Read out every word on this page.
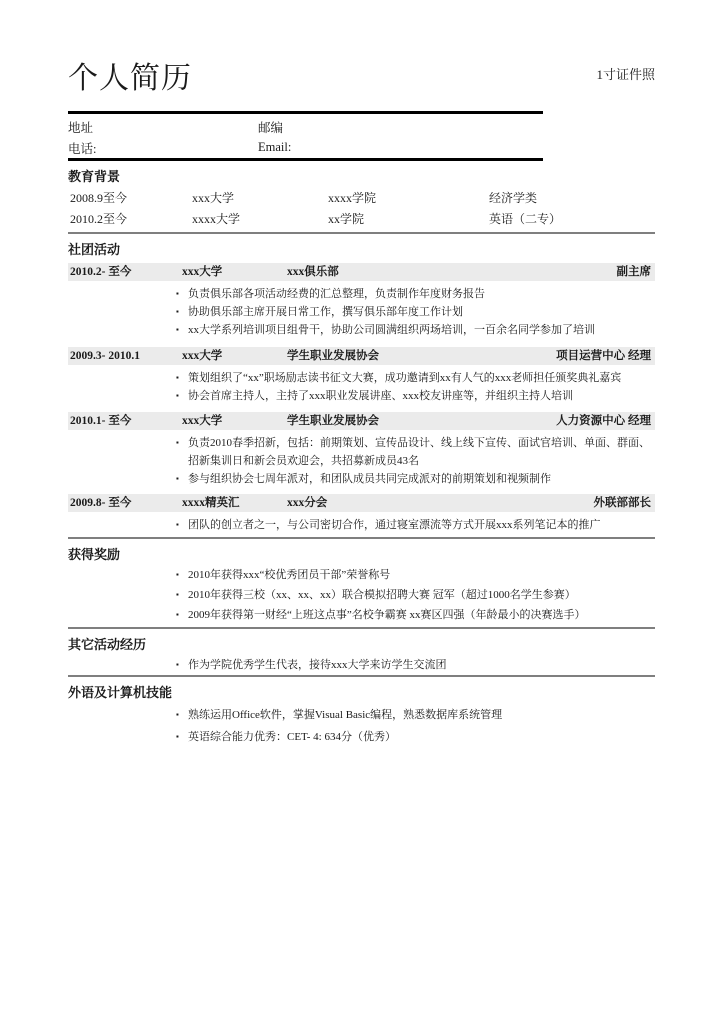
个人简历	1寸证件照
地址	邮编
电话:	Email:
教育背景
2008.9至今	xxx大学	xxxx学院	经济学类
2010.2至今	xxxx大学	xx学院	英语（二专）
社团活动
2010.2- 至今	xxx大学	xxx俱乐部	副主席
▪ 负责俱乐部各项活动经费的汇总整理，负责制作年度财务报告
▪ 协助俱乐部主席开展日常工作，撰写俱乐部年度工作计划
▪ xx大学系列培训项目组骨干，协助公司圆满组织两场培训，一百余名同学参加了培训
2009.3- 2010.1	xxx大学	学生职业发展协会	项目运营中心 经理
▪ 策划组织了“xx”职场励志读书征文大赛，成功邀请到xx有人气的xxx老师担任颁奖典礼嘉宾
▪ 协会首席主持人，主持了xxx职业发展讲座、xxx校友讲座等，并组织主持人培训
2010.1- 至今	xxx大学	学生职业发展协会	人力资源中心 经理
▪ 负责2010春季招新，包括：前期策划、宣传品设计、线上线下宣传、面试官培训、单面、群面、招新集训日和新会员欢迎会，共招募新成员43名
▪ 参与组织协会七周年派对，和团队成员共同完成派对的前期策划和视频制作
2009.8- 至今	xxxx精英汇	xxx分会	外联部部长
▪ 团队的创立者之一，与公司密切合作，通过寝室漂流等方式开展xxx系列笔记本的推广
获得奖励
▪ 2010年获得xxx“校优秀团员干部”荣誉称号
▪ 2010年获得三校（xx、xx、xx）联合模拟招聘大赛 冠军（超过1000名学生参赛）
▪ 2009年获得第一财经“上班这点事”名校争霸赛 xx赛区四强（年龄最小的决赛选手）
其它活动经历
▪ 作为学院优秀学生代表，接待xxx大学来访学生交流团
外语及计算机技能
▪ 熟练运用Office软件，掌握Visual Basic编程，熟悉数据库系统管理
▪ 英语综合能力优秀：CET- 4: 634分（优秀）
